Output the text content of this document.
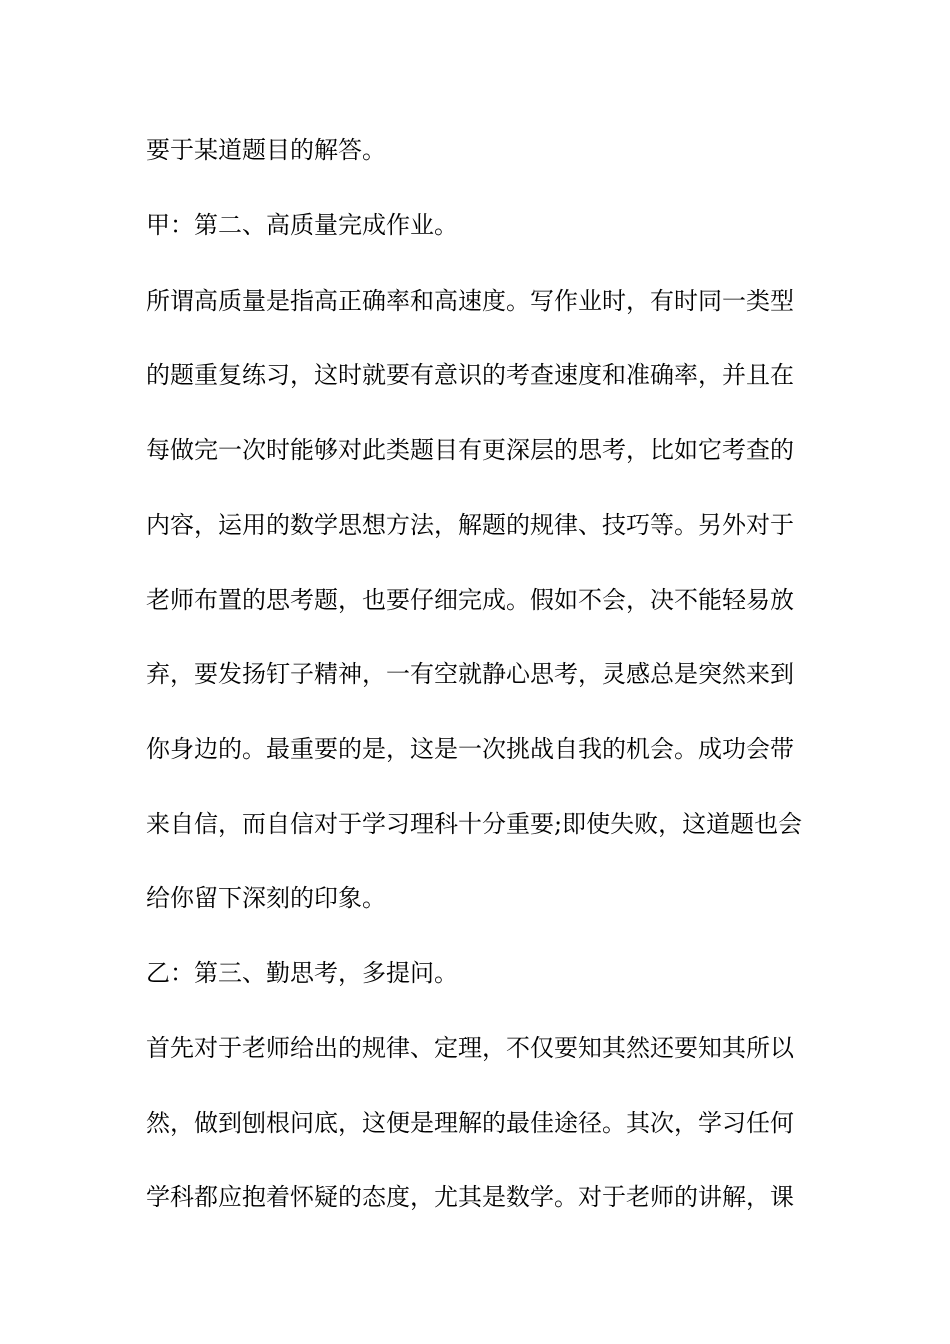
要于某道题目的解答。

甲：第二、高质量完成作业。

所谓高质量是指高正确率和高速度。写作业时，有时同一类型

的题重复练习，这时就要有意识的考查速度和准确率，并且在

每做完一次时能够对此类题目有更深层的思考，比如它考查的

内容，运用的数学思想方法，解题的规律、技巧等。另外对于

老师布置的思考题，也要仔细完成。假如不会，决不能轻易放

弃，要发扬钉子精神，一有空就静心思考，灵感总是突然来到

你身边的。最重要的是，这是一次挑战自我的机会。成功会带

来自信，而自信对于学习理科十分重要;即使失败，这道题也会

给你留下深刻的印象。

乙：第三、勤思考，多提问。

首先对于老师给出的规律、定理，不仅要知其然还要知其所以

然，做到刨根问底，这便是理解的最佳途径。其次，学习任何

学科都应抱着怀疑的态度，尤其是数学。对于老师的讲解，课
